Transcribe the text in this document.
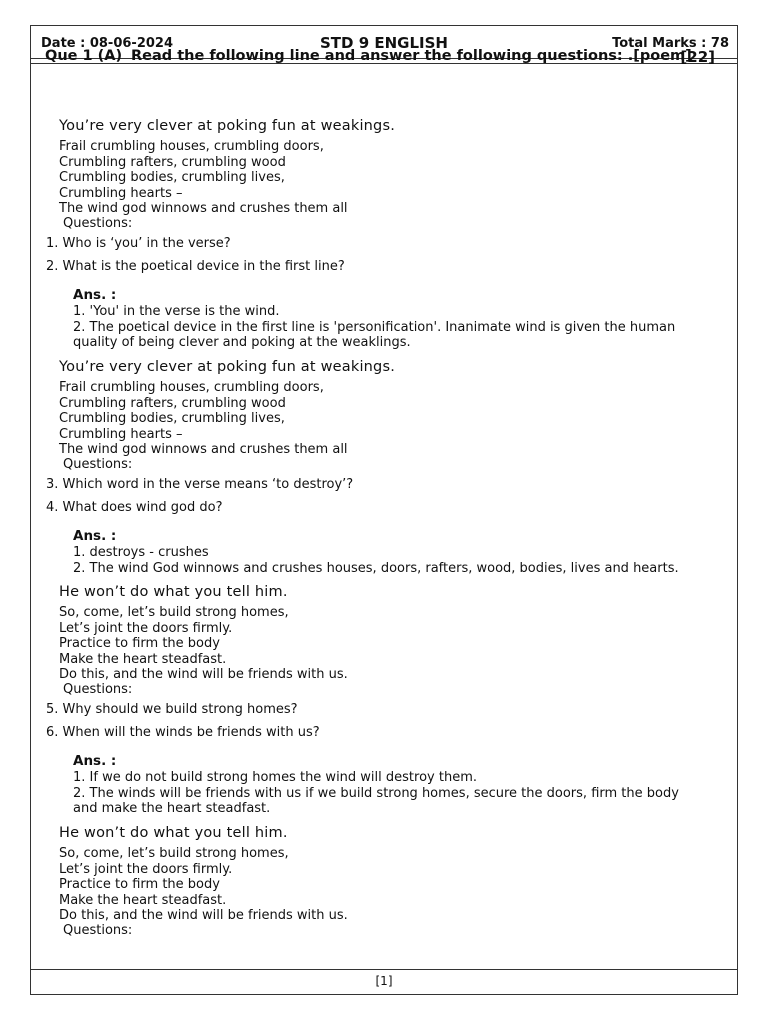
Date : 08-06-2024	STD 9 ENGLISH	Total Marks : 78
Que 1 (A) Read the following line and answer the following questions: .[poem]
[22]
You’re very clever at poking fun at weakings.
Frail crumbling houses, crumbling doors,
Crumbling rafters, crumbling wood
Crumbling bodies, crumbling lives,
Crumbling hearts –
The wind god winnows and crushes them all
Questions:
1. Who is ‘you’ in the verse?
2. What is the poetical device in the first line?
Ans. :
1. 'You' in the verse is the wind.
2. The poetical device in the first line is 'personification'. Inanimate wind is given the human
quality of being clever and poking at the weaklings.
You’re very clever at poking fun at weakings.
Frail crumbling houses, crumbling doors,
Crumbling rafters, crumbling wood
Crumbling bodies, crumbling lives,
Crumbling hearts –
The wind god winnows and crushes them all
Questions:
3. Which word in the verse means ‘to destroy’?
4. What does wind god do?
Ans. :
1. destroys - crushes
2. The wind God winnows and crushes houses, doors, rafters, wood, bodies, lives and hearts.
He won’t do what you tell him.
So, come, let’s build strong homes,
Let’s joint the doors firmly.
Practice to firm the body
Make the heart steadfast.
Do this, and the wind will be friends with us.
Questions:
5. Why should we build strong homes?
6. When will the winds be friends with us?
Ans. :
1. If we do not build strong homes the wind will destroy them.
2. The winds will be friends with us if we build strong homes, secure the doors, firm the body
and make the heart steadfast.
He won’t do what you tell him.
So, come, let’s build strong homes,
Let’s joint the doors firmly.
Practice to firm the body
Make the heart steadfast.
Do this, and the wind will be friends with us.
Questions:
[1]
